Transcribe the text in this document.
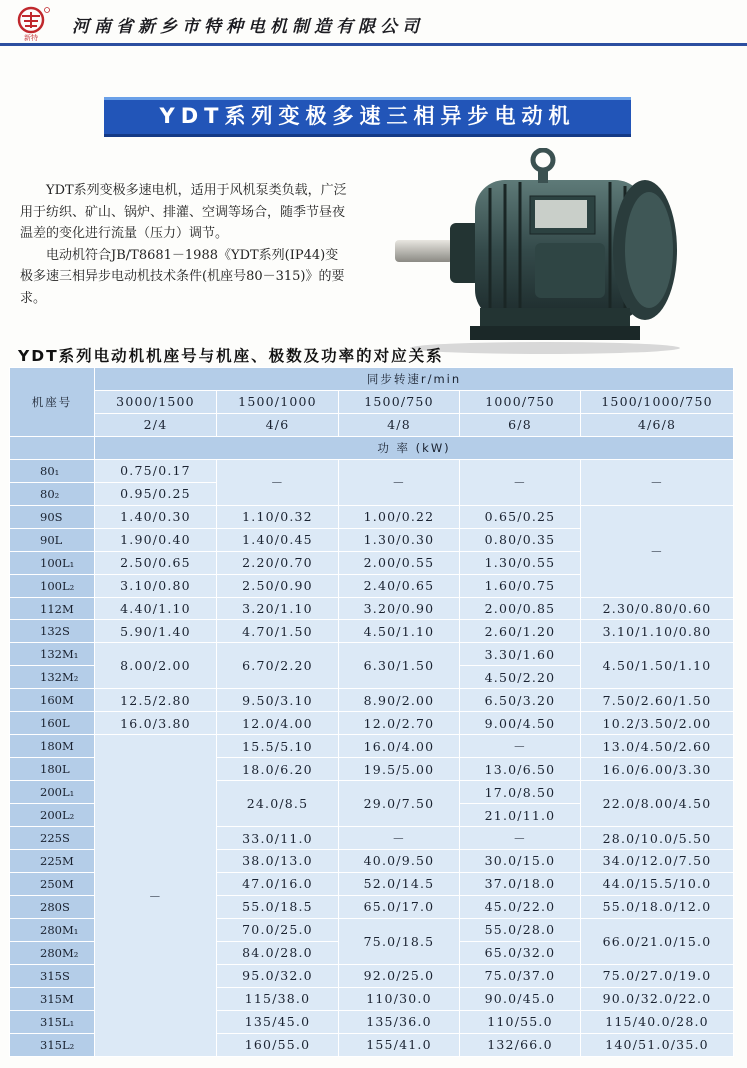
新特
河南省新乡市特种电机制造有限公司
YDT系列变极多速三相异步电动机

YDT系列变极多速电机，适用于风机泵类负载，广泛用于纺织、矿山、锅炉、排灌、空调等场合，随季节昼夜温差的变化进行流量（压力）调节。

电动机符合JB/T8681－1988《YDT系列(IP44)变极多速三相异步电动机技术条件(机座号80－315)》的要求。

YDT系列电动机机座号与机座、极数及功率的对应关系
机座号	同步转速r/min				
	3000/1500	1500/1000	1500/750	1000/750	1500/1000/750
	2/4	4/6	4/8	6/8	4/6/8
	功 率 (kW)				
80₁	0.75/0.17	－	－	－	－
80₂	0.95/0.25				
90S	1.40/0.30	1.10/0.32	1.00/0.22	0.65/0.25	－
90L	1.90/0.40	1.40/0.45	1.30/0.30	0.80/0.35	
100L₁	2.50/0.65	2.20/0.70	2.00/0.55	1.30/0.55	
100L₂	3.10/0.80	2.50/0.90	2.40/0.65	1.60/0.75	
112M	4.40/1.10	3.20/1.10	3.20/0.90	2.00/0.85	2.30/0.80/0.60
132S	5.90/1.40	4.70/1.50	4.50/1.10	2.60/1.20	3.10/1.10/0.80
132M₁	8.00/2.00	6.70/2.20	6.30/1.50	3.30/1.60	4.50/1.50/1.10
132M₂				4.50/2.20	
160M	12.5/2.80	9.50/3.10	8.90/2.00	6.50/3.20	7.50/2.60/1.50
160L	16.0/3.80	12.0/4.00	12.0/2.70	9.00/4.50	10.2/3.50/2.00
180M	－	15.5/5.10	16.0/4.00	－	13.0/4.50/2.60
180L		18.0/6.20	19.5/5.00	13.0/6.50	16.0/6.00/3.30
200L₁		24.0/8.5	29.0/7.50	17.0/8.50	22.0/8.00/4.50
200L₂				21.0/11.0	
225S		33.0/11.0	－	－	28.0/10.0/5.50
225M		38.0/13.0	40.0/9.50	30.0/15.0	34.0/12.0/7.50
250M		47.0/16.0	52.0/14.5	37.0/18.0	44.0/15.5/10.0
280S		55.0/18.5	65.0/17.0	45.0/22.0	55.0/18.0/12.0
280M₁		70.0/25.0	75.0/18.5	55.0/28.0	66.0/21.0/15.0
280M₂		84.0/28.0		65.0/32.0	
315S		95.0/32.0	92.0/25.0	75.0/37.0	75.0/27.0/19.0
315M		115/38.0	110/30.0	90.0/45.0	90.0/32.0/22.0
315L₁		135/45.0	135/36.0	110/55.0	115/40.0/28.0
315L₂		160/55.0	155/41.0	132/66.0	140/51.0/35.0
